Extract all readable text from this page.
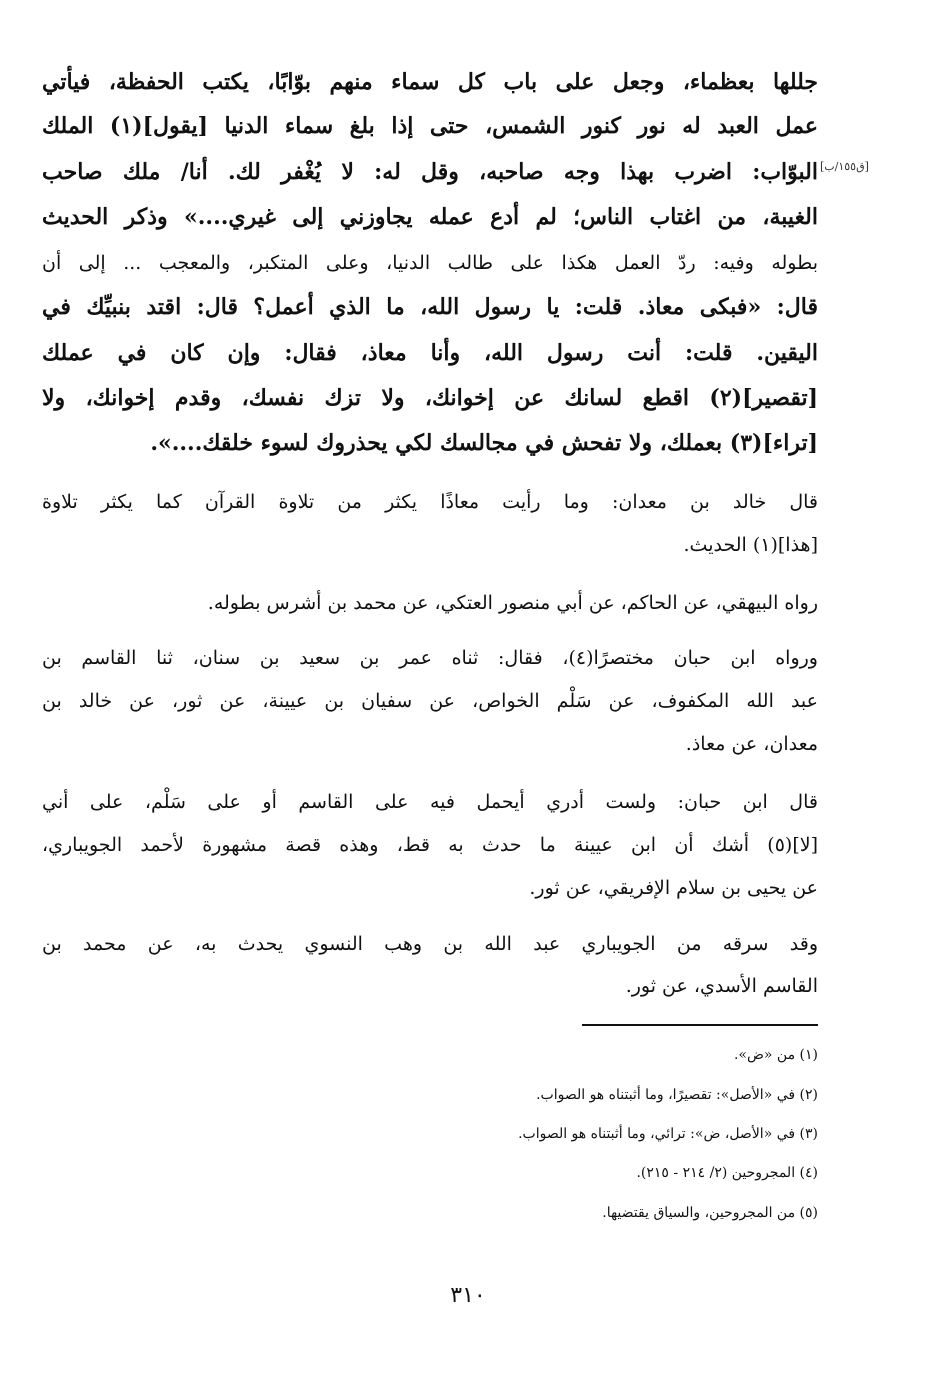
[ق١٥٥/ب]
جللها بعظماء، وجعل على باب كل سماء منهم بوّابًا، يكتب الحفظة، فيأتي
عمل العبد له نور كنور الشمس، حتى إذا بلغ سماء الدنيا [يقول](١) الملك
البوّاب: اضرب بهذا وجه صاحبه، وقل له: لا يُغْفر لك. أنا/ ملك صاحب
الغيبة، من اغتاب الناس؛ لم أدع عمله يجاوزني إلى غيري....» وذكر الحديث
بطوله وفيه: ردّ العمل هكذا على طالب الدنيا، وعلى المتكبر، والمعجب ... إلى أن
قال: «فبكى معاذ. قلت: يا رسول الله، ما الذي أعمل؟ قال: اقتد بنبيِّك في
اليقين. قلت: أنت رسول الله، وأنا معاذ، فقال: وإن كان في عملك
[تقصير](٢) اقطع لسانك عن إخوانك، ولا تزك نفسك، وقدم إخوانك، ولا
[تراء](٣) بعملك، ولا تفحش في مجالسك لكي يحذروك لسوء خلقك....».
قال خالد بن معدان: وما رأيت معاذًا يكثر من تلاوة القرآن كما يكثر تلاوة
[هذا](١) الحديث.
رواه البيهقي، عن الحاكم، عن أبي منصور العتكي، عن محمد بن أشرس بطوله.
ورواه ابن حبان مختصرًا(٤)، فقال: ثناه عمر بن سعيد بن سنان، ثنا القاسم بن
عبد الله المكفوف، عن سَلْم الخواص، عن سفيان بن عيينة، عن ثور، عن خالد بن
معدان، عن معاذ.
قال ابن حبان: ولست أدري أيحمل فيه على القاسم أو على سَلْم، على أني
[لا](٥) أشك أن ابن عيينة ما حدث به قط، وهذه قصة مشهورة لأحمد الجويباري،
عن يحيى بن سلام الإفريقي، عن ثور.
وقد سرقه من الجويباري عبد الله بن وهب النسوي يحدث به، عن محمد بن
القاسم الأسدي، عن ثور.
(١) من «ض».
(٢) في «الأصل»: تقصيرًا، وما أثبتناه هو الصواب.
(٣) في «الأصل، ض»: ترائي، وما أثبتناه هو الصواب.
(٤) المجروحين (٢/ ٢١٤ - ٢١٥).
(٥) من المجروحين، والسياق يقتضيها.
٣١٠
